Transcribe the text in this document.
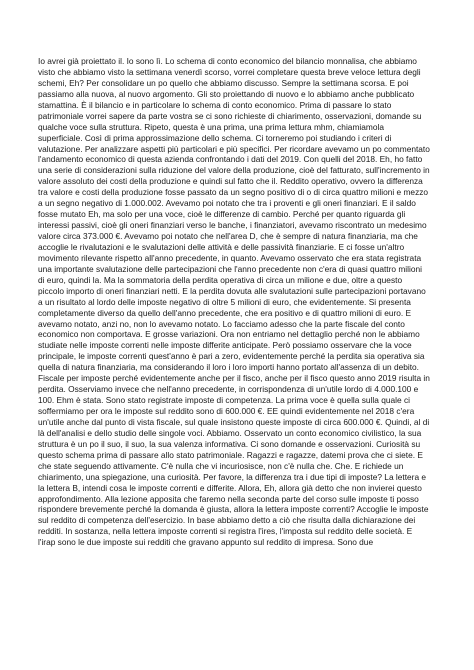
Io avrei già proiettato il. Io sono lì. Lo schema di conto economico del bilancio monnalisa, che abbiamo visto che abbiamo visto la settimana venerdì scorso, vorrei completare questa breve veloce lettura degli schemi, Eh? Per consolidare un po quello che abbiamo discusso. Sempre la settimana scorsa. E poi passiamo alla nuova, al nuovo argomento. Gli sto proiettando di nuovo e lo abbiamo anche pubblicato stamattina. È il bilancio e in particolare lo schema di conto economico. Prima di passare lo stato patrimoniale vorrei sapere da parte vostra se ci sono richieste di chiarimento, osservazioni, domande su qualche voce sulla struttura. Ripeto, questa è una prima, una prima lettura mhm, chiamiamola superficiale. Così di prima approssimazione dello schema. Ci torneremo poi studiando i criteri di valutazione. Per analizzare aspetti più particolari e più specifici. Per ricordare avevamo un po commentato l'andamento economico di questa azienda confrontando i dati del 2019. Con quelli del 2018. Eh, ho fatto una serie di considerazioni sulla riduzione del valore della produzione, cioè del fatturato, sull'incremento in valore assoluto dei costi della produzione e quindi sul fatto che il. Reddito operativo, ovvero la differenza tra valore e costi della produzione fosse passato da un segno positivo di o di circa quattro milioni e mezzo a un segno negativo di 1.000.002. Avevamo poi notato che tra i proventi e gli oneri finanziari. E il saldo fosse mutato Eh, ma solo per una voce, cioè le differenze di cambio. Perché per quanto riguarda gli interessi passivi, cioè gli oneri finanziari verso le banche, i finanziatori, avevamo riscontrato un medesimo valore circa 373.000 €. Avevamo poi notato che nell'area D, che è sempre di natura finanziaria, ma che accoglie le rivalutazioni e le svalutazioni delle attività e delle passività finanziarie. E ci fosse un'altro movimento rilevante rispetto all'anno precedente, in quanto. Avevamo osservato che era stata registrata una importante svalutazione delle partecipazioni che l'anno precedente non c'era di quasi quattro milioni di euro, quindi la. Ma la sommatoria della perdita operativa di circa un milione e due, oltre a questo piccolo importo di oneri finanziari netti. E la perdita dovuta alle svalutazioni sulle partecipazioni portavano a un risultato al lordo delle imposte negativo di oltre 5 milioni di euro, che evidentemente. Si presenta completamente diverso da quello dell'anno precedente, che era positivo e di quattro milioni di euro. E avevamo notato, anzi no, non lo avevamo notato. Lo facciamo adesso che la parte fiscale del conto economico non comportava. E grosse variazioni. Ora non entriamo nel dettaglio perché non le abbiamo studiate nelle imposte correnti nelle imposte differite anticipate. Però possiamo osservare che la voce principale, le imposte correnti quest'anno è pari a zero, evidentemente perché la perdita sia operativa sia quella di natura finanziaria, ma considerando il loro i loro importi hanno portato all'assenza di un debito. Fiscale per imposte perché evidentemente anche per il fisco, anche per il fisco questo anno 2019 risulta in perdita. Osserviamo invece che nell'anno precedente, in corrispondenza di un'utile lordo di 4.000.100 e 100. Ehm è stata. Sono stato registrate imposte di competenza. La prima voce è quella sulla quale ci soffermiamo per ora le imposte sul reddito sono di 600.000 €. EE quindi evidentemente nel 2018 c'era un'utile anche dal punto di vista fiscale, sul quale insistono queste imposte di circa 600.000 €. Quindi, al di là dell'analisi e dello studio delle singole voci. Abbiamo. Osservato un conto economico civilistico, la sua struttura è un po il suo, il suo, la sua valenza informativa. Ci sono domande e osservazioni. Curiosità su questo schema prima di passare allo stato patrimoniale. Ragazzi e ragazze, datemi prova che ci siete. E che state seguendo attivamente. C'è nulla che vi incuriosisce, non c'è nulla che. Che. E richiede un chiarimento, una spiegazione, una curiosità. Per favore, la differenza tra i due tipi di imposte? La lettera e la lettera B, intendi cosa le imposte correnti e differite. Allora, Eh, allora già detto che non invierei questo approfondimento. Alla lezione apposita che faremo nella seconda parte del corso sulle imposte ti posso rispondere brevemente perché la domanda è giusta, allora la lettera imposte correnti? Accoglie le imposte sul reddito di competenza dell'esercizio. In base abbiamo detto a ciò che risulta dalla dichiarazione dei redditi. In sostanza, nella lettera imposte correnti si registra l'ires, l'imposta sul reddito delle società. E l'irap sono le due imposte sui redditi che gravano appunto sul reddito di impresa. Sono due
